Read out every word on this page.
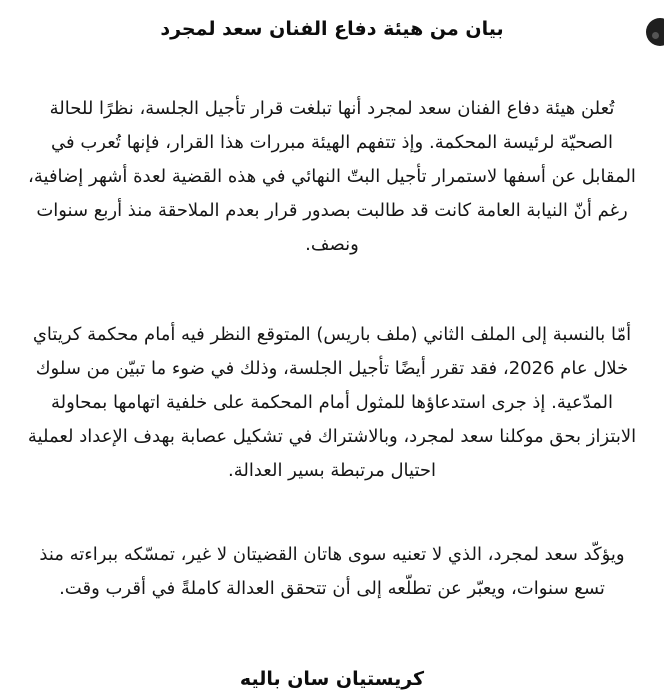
بيان من هيئة دفاع الفنان سعد لمجرد

تُعلن هيئة دفاع الفنان سعد لمجرد أنها تبلغت قرار تأجيل الجلسة، نظرًا للحالة الصحيّة لرئيسة المحكمة. وإذ تتفهم الهيئة مبررات هذا القرار، فإنها تُعرب في المقابل عن أسفها لاستمرار تأجيل البتّ النهائي في هذه القضية لعدة أشهر إضافية، رغم أنّ النيابة العامة كانت قد طالبت بصدور قرار بعدم الملاحقة منذ أربع سنوات ونصف.

أمّا بالنسبة إلى الملف الثاني (ملف باريس) المتوقع النظر فيه أمام محكمة كريتاي خلال عام 2026، فقد تقرر أيضًا تأجيل الجلسة، وذلك في ضوء ما تبيّن من سلوك المدّعية. إذ جرى استدعاؤها للمثول أمام المحكمة على خلفية اتهامها بمحاولة الابتزاز بحق موكلنا سعد لمجرد، وبالاشتراك في تشكيل عصابة بهدف الإعداد لعملية احتيال مرتبطة بسير العدالة.

ويؤكّد سعد لمجرد، الذي لا تعنيه سوى هاتان القضيتان لا غير، تمسّكه ببراءته منذ تسع سنوات، ويعبّر عن تطلّعه إلى أن تتحقق العدالة كاملةً في أقرب وقت.

كريستيان سان باليه
